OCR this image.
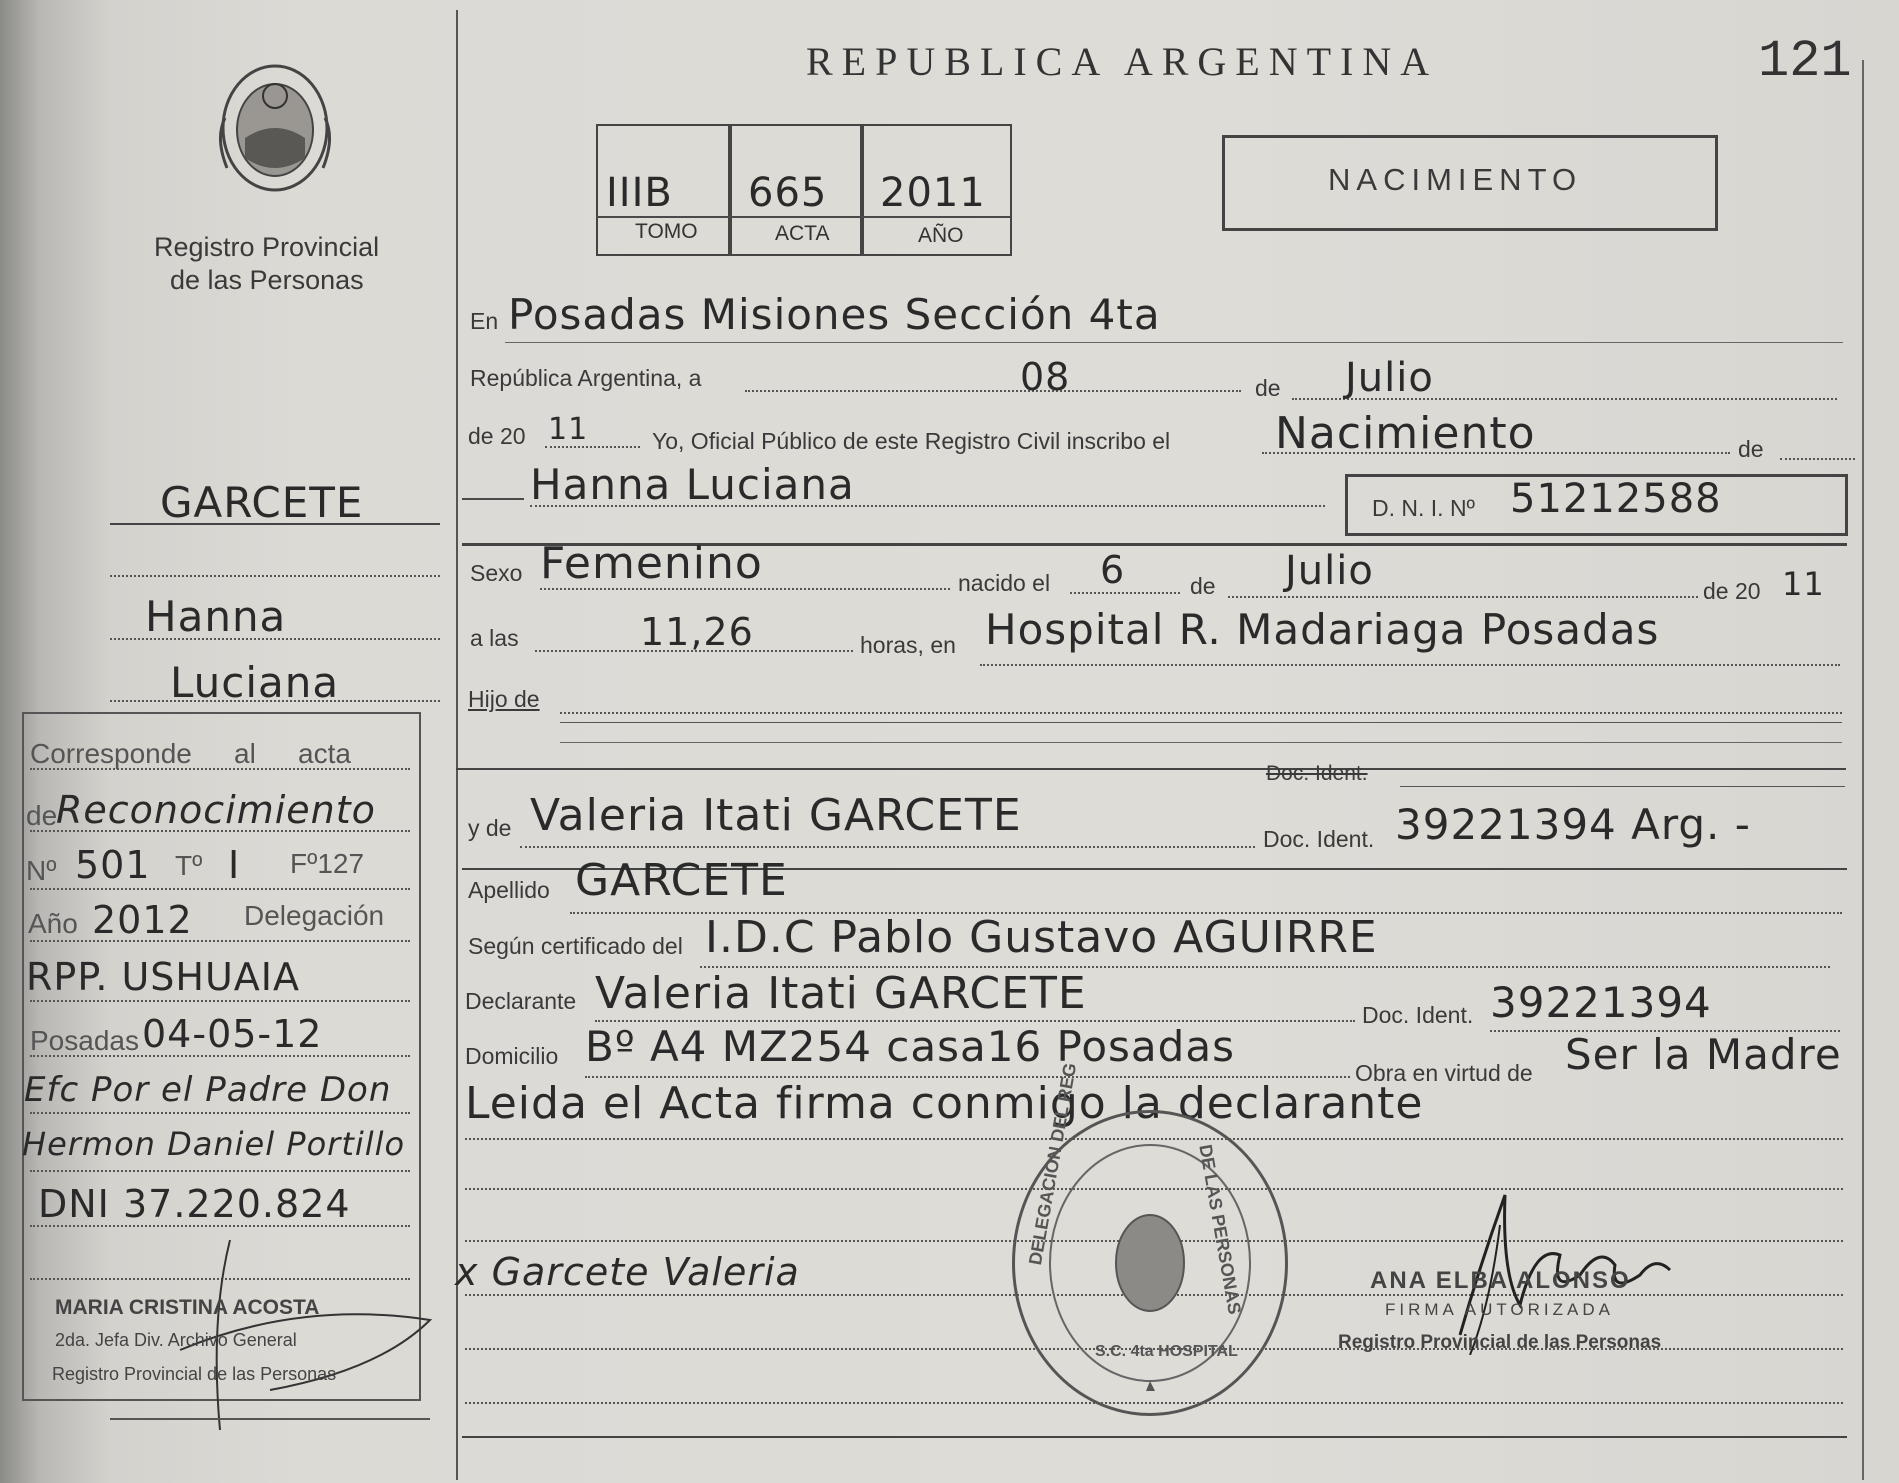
Registro Provincial
de las Personas
REPUBLICA ARGENTINA	121
IIIB 665 2011
TOMO	ACTA	AÑO
NACIMIENTO
En Posadas Misiones Sección 4ta
República Argentina, a	08	de Julio
de 20 11	Yo, Oficial Público de este Registro Civil inscribo el Nacimiento	de
Hanna Luciana	D. N. I. Nº 51212588
Sexo Femenino	nacido el 6	de Julio	de 20 11
a las	11,26	horas, en Hospital R. Madariaga Posadas
Hijo de
Doc. Ident.
y de Valeria Itati GARCETE	Doc. Ident. 39221394 Arg. -
Apellido GARCETE
Según certificado del I.D.C Pablo Gustavo AGUIRRE
Declarante Valeria Itati GARCETE	Doc. Ident. 39221394
Domicilio Bº A4 MZ254 casa16 Posadas
Obra en virtud de Ser la Madre
Leida el Acta firma conmigo la declarante
x Garcete Valeria
DELEGACION DEL REG	DE LAS PERSONAS
S.C. 4ta HOSPITAL
ANA ELBA ALONSO
FIRMA AUTORIZADA
Registro Provincial de las Personas
GARCETE
Hanna
Luciana
Corresponde al acta
de
Reconocimiento
Nº 501 Tº I Fº127
Año 2012 Delegación
RPP. USHUAIA
Posadas 04-05-12
Efc Por el Padre Don
Hermon Daniel Portillo
DNI 37.220.824
MARIA CRISTINA ACOSTA
2da. Jefa Div. Archivo General
Registro Provincial de las Personas
